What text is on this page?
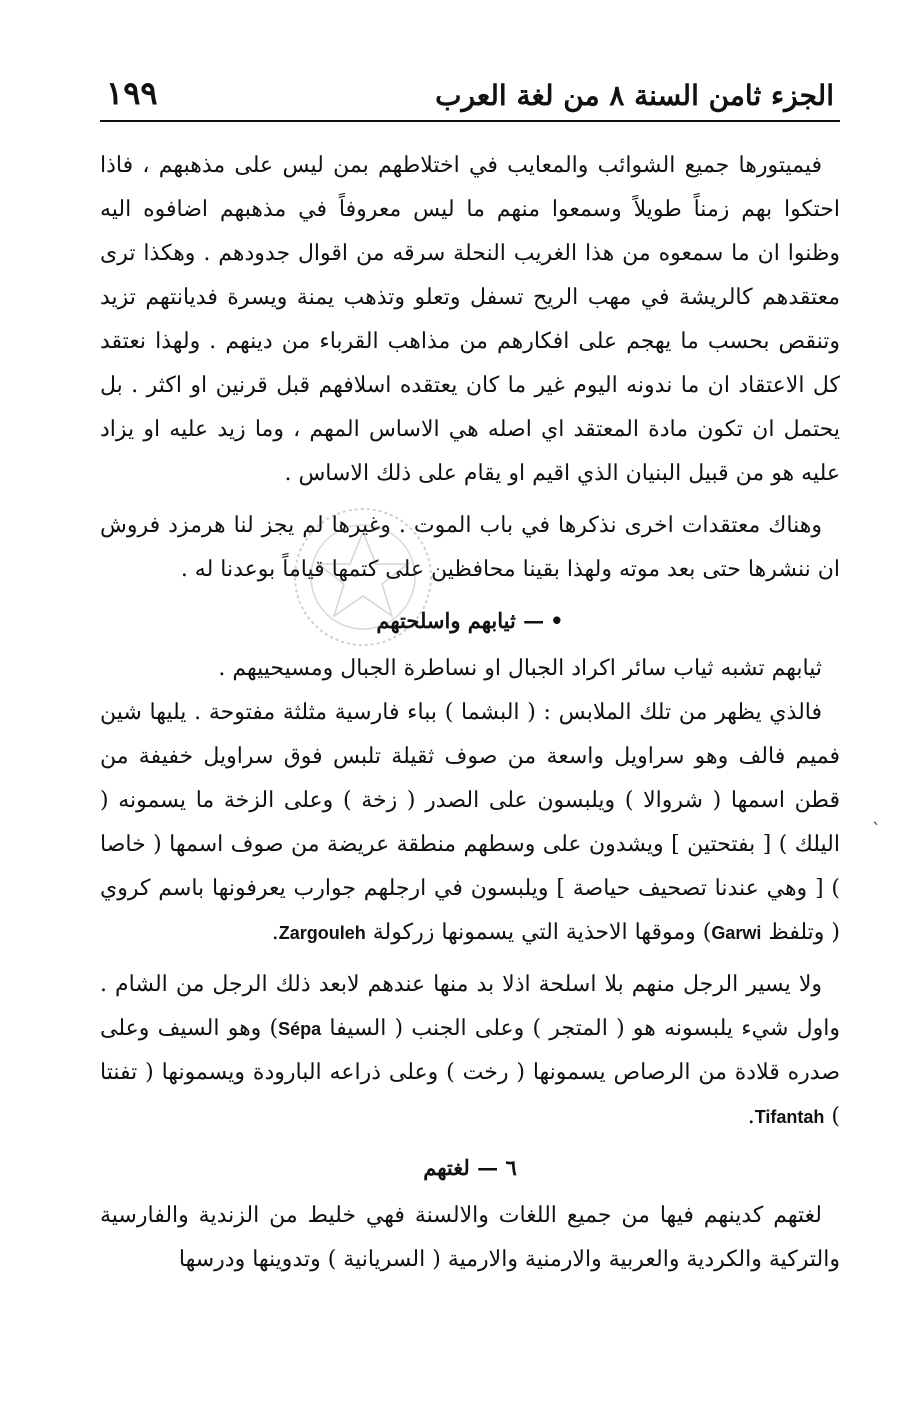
الجزء ثامن السنة ٨ من لغة العرب
١٩٩

فيميتورها جميع الشوائب والمعايب في اختلاطهم بمن ليس على مذهبهم ، فاذا احتكوا بهم زمناً طويلاً وسمعوا منهم ما ليس معروفاً في مذهبهم اضافوه اليه وظنوا ان ما سمعوه من هذا الغريب النحلة سرقه من اقوال جدودهم . وهكذا ترى معتقدهم كالريشة في مهب الريح تسفل وتعلو وتذهب يمنة ويسرة فديانتهم تزيد وتنقص بحسب ما يهجم على افكارهم من مذاهب القرباء من دينهم . ولهذا نعتقد كل الاعتقاد ان ما ندونه اليوم غير ما كان يعتقده اسلافهم قبل قرنين او اكثر . بل يحتمل ان تكون مادة المعتقد اي اصله هي الاساس المهم ، وما زيد عليه او يزاد عليه هو من قبيل البنيان الذي اقيم او يقام على ذلك الاساس .

وهناك معتقدات اخرى نذكرها في باب الموت . وغيرها لم يجز لنا هرمزد فروش ان ننشرها حتى بعد موته ولهذا بقينا محافظين على كتمها قياماً بوعدنا له .

•— ثيابهم واسلحتهم

ثيابهم تشبه ثياب سائر اكراد الجبال او نساطرة الجبال ومسيحييهم .

فالذي يظهر من تلك الملابس : ( البشما ) بباء فارسية مثلثة مفتوحة . يليها شين فميم فالف وهو سراويل واسعة من صوف ثقيلة تلبس فوق سراويل خفيفة من قطن اسمها ( شروالا ) ويلبسون على الصدر ( زخة ) وعلى الزخة ما يسمونه ( اليلك ) [ بفتحتين ] ويشدون على وسطهم منطقة عريضة من صوف اسمها ( خاصا ) [ وهي عندنا تصحيف حياصة ] ويلبسون في ارجلهم جوارب يعرفونها باسم كروي ( وتلفظ Garwi) وموقها الاحذية التي يسمونها زركولة Zargouleh.

ولا يسير الرجل منهم بلا اسلحة اذلا بد منها عندهم لابعد ذلك الرجل من الشام . واول شيء يلبسونه هو ( المتجر ) وعلى الجنب ( السيفا Sépa) وهو السيف وعلى صدره قلادة من الرصاص يسمونها ( رخت ) وعلى ذراعه البارودة ويسمونها ( تفنتا ) Tifantah.

٦ — لغتهم

لغتهم كدينهم فيها من جميع اللغات والالسنة فهي خليط من الزندية والفارسية والتركية والكردية والعربية والارمنية والارمية ( السريانية ) وتدوينها ودرسها

`
